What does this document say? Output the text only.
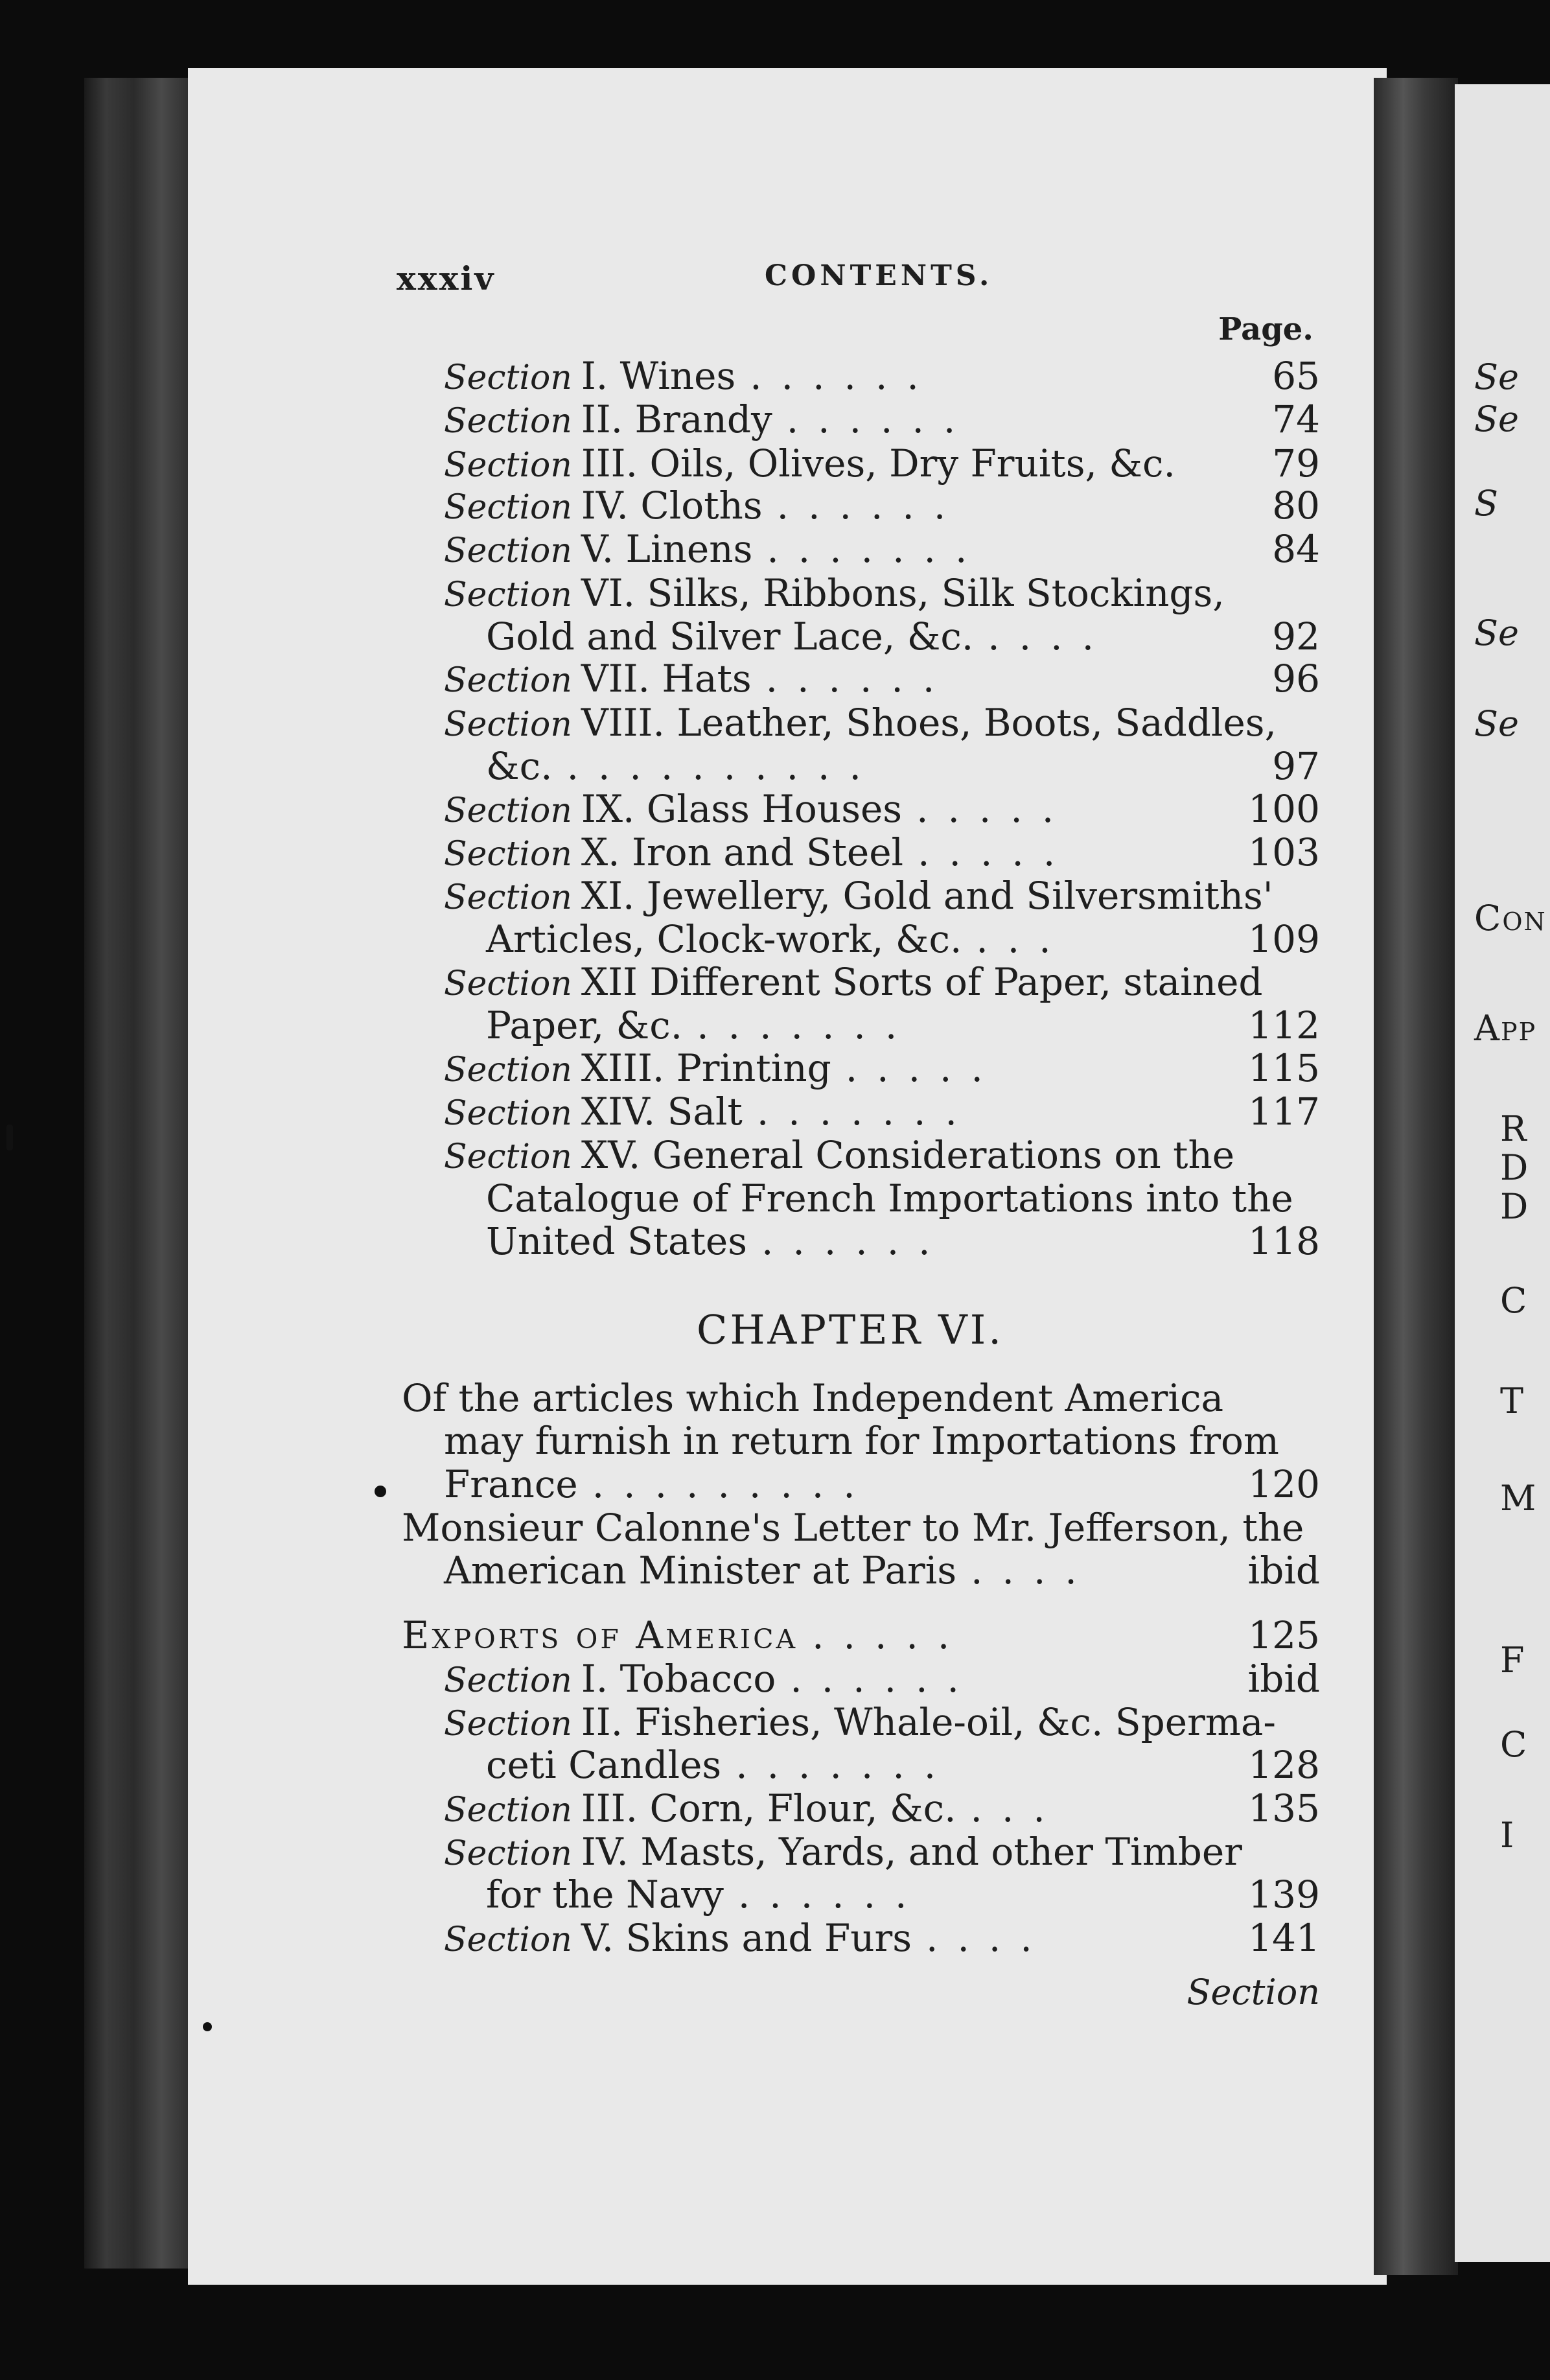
Se
Se
S
Se
Se
Con
App
R
D
D
C
T
M
F
C
I
xxxiv	CONTENTS.
Page.
Section I. Wines ......	65
Section II. Brandy ......	74
Section III. Oils, Olives, Dry Fruits, &c.	79
Section IV. Cloths ......	80
Section V. Linens .......	84
Section VI. Silks, Ribbons, Silk Stockings,
Gold and Silver Lace, &c. ....	92
Section VII. Hats ......	96
Section VIII. Leather, Shoes, Boots, Saddles,
&c. ..........	97
Section IX. Glass Houses .....	100
Section X. Iron and Steel .....	103
Section XI. Jewellery, Gold and Silversmiths'
Articles, Clock-work, &c. ...	109
Section XII Different Sorts of Paper, stained
Paper, &c. .......	112
Section XIII. Printing .....	115
Section XIV. Salt .......	117
Section XV. General Considerations on the
Catalogue of French Importations into the
United States ......	118
CHAPTER VI.
Of the articles which Independent America
may furnish in return for Importations from
France .........	120
Monsieur Calonne's Letter to Mr. Jefferson, the
American Minister at Paris ....	ibid
Exports of America .....	125
Section I. Tobacco ......	ibid
Section II. Fisheries, Whale-oil, &c. Sperma-
ceti Candles .......	128
Section III. Corn, Flour, &c. ...	135
Section IV. Masts, Yards, and other Timber
for the Navy ......	139
Section V. Skins and Furs ....	141
Section
